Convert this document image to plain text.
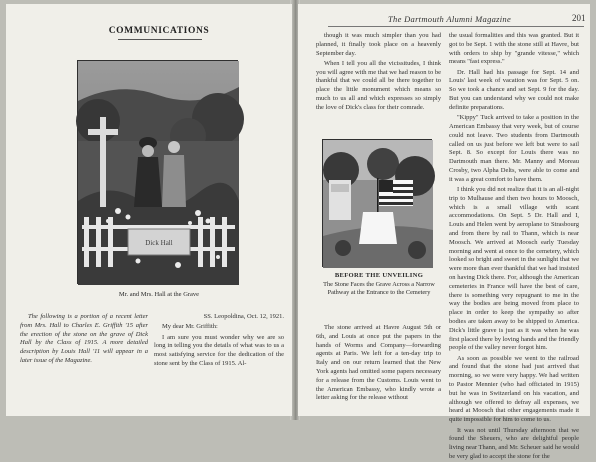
COMMUNICATIONS
Dick Hall
Mr. and Mrs. Hall at the Grave

The following is a portion of a recent letter from Mrs. Hall to Charles E. Griffith '15 after the erection of the stone on the grave of Dick Hall by the Class of 1915. A more detailed description by Louis Hall '11 will appear in a later issue of the Magazine.

SS. Leopoldina, Oct. 12, 1921.

My dear Mr. Griffith:

I am sure you must wonder why we are so long in telling you the details of what was to us a most satisfying service for the dedication of the stone sent by the Class of 1915. Al-

The Dartmouth Alumni Magazine	201

though it was much simpler than you had planned, it finally took place on a heavenly September day.

When I tell you all the vicissitudes, I think you will agree with me that we had reason to be thankful that we could all be there together to place the little monument which means so much to us all and which expresses so simply the love of Dick's class for their comrade.

BEFORE THE UNVEILING
The Stone Faces the Grave Across a Narrow Pathway at the Entrance to the Cemetery

The stone arrived at Havre August 5th or 6th, and Louis at once put the papers in the hands of Worms and Company—forwarding agents at Paris. We left for a ten-day trip to Italy and on our return learned that the New York agents had omitted some papers necessary for a release from the Customs. Louis went to the American Embassy, who kindly wrote a letter asking for the release without

the usual formalities and this was granted. But it got to be Sept. 1 with the stone still at Havre, but with orders to ship by "grande vitesse," which means "fast express."

Dr. Hall had his passage for Sept. 14 and Louis' last week of vacation was for Sept. 5 on. So we took a chance and set Sept. 9 for the day. But you can understand why we could not make definite preparations.

"Kippy" Tuck arrived to take a position in the American Embassy that very week, but of course could not leave. Two students from Dartmouth called on us just before we left but were to sail Sept. 8. So except for Louis there was no Dartmouth man there. Mr. Manny and Moreau Crosby, two Alpha Delts, were able to come and it was a great comfort to have them.

I think you did not realize that it is an all-night trip to Mulhause and then two hours to Moosch, which is a small village with scant accommodations. On Sept. 5 Dr. Hall and I, Louis and Helen went by aeroplane to Strasbourg and from there by rail to Thann, which is near Moosch. We arrived at Moosch early Tuesday morning and went at once to the cemetery, which looked so bright and sweet in the sunlight that we were more than ever thankful that we had insisted on having Dick there. For, although the American cemeteries in France will have the best of care, there is something very repugnant to me in the way the bodies are being moved from place to place in order to keep the sympathy so after bodies are taken away to be shipped to America. Dick's little grave is just as it was when he was first placed there by loving hands and the friendly people of the valley never forgot him.

As soon as possible we went to the railroad and found that the stone had just arrived that morning, so we were very happy. We had written to Pastor Mennier (who had officiated in 1915) but he was in Switzerland on his vacation, and although we offered to defray all expenses, we heard at Moosch that other engagements made it quite impossible for him to come to us.

It was not until Thursday afternoon that we found the Sheuers, who are delightful people living near Thann, and Mr. Scheuer said he would be very glad to accept the stone for the
